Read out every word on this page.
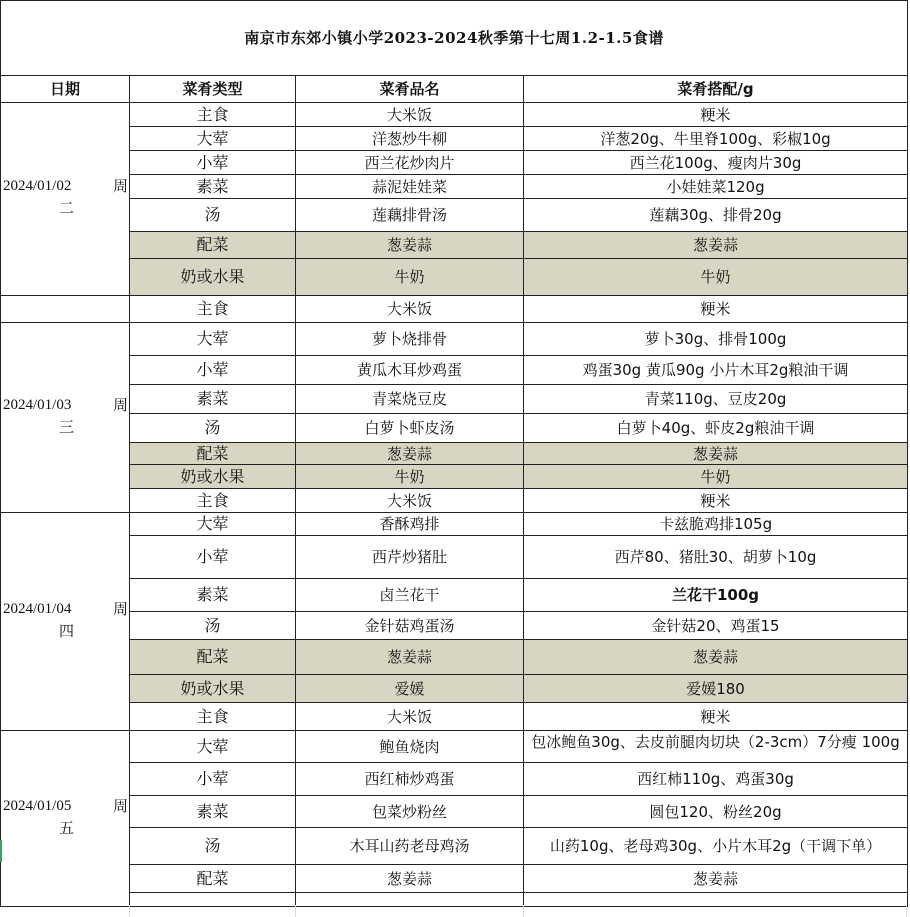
南京市东郊小镇小学2023-2024秋季第十七周1.2-1.5食谱			
日期	菜肴类型	菜肴品名	菜肴搭配/g

2024/01/02 周
二	主食	大米饭	粳米
	大荤	洋葱炒牛柳	洋葱20g、牛里脊100g、彩椒10g
	小荤	西兰花炒肉片	西兰花100g、瘦肉片30g
	素菜	蒜泥娃娃菜	小娃娃菜120g
	汤	莲藕排骨汤	莲藕30g、排骨20g
	配菜	葱姜蒜	葱姜蒜
	奶或水果	牛奶	牛奶
	主食	大米饭	粳米

2024/01/03 周
三	大荤	萝卜烧排骨	萝卜30g、排骨100g
	小荤	黄瓜木耳炒鸡蛋	鸡蛋30g 黄瓜90g 小片木耳2g粮油干调
	素菜	青菜烧豆皮	青菜110g、豆皮20g
	汤	白萝卜虾皮汤	白萝卜40g、虾皮2g粮油干调
	配菜	葱姜蒜	葱姜蒜
	奶或水果	牛奶	牛奶
	主食	大米饭	粳米

2024/01/04 周
四	大荤	香酥鸡排	卡兹脆鸡排105g
	小荤	西芹炒猪肚	西芹80、猪肚30、胡萝卜10g
	素菜	卤兰花干	兰花干100g
	汤	金针菇鸡蛋汤	金针菇20、鸡蛋15
	配菜	葱姜蒜	葱姜蒜
	奶或水果	爱媛	爱媛180
	主食	大米饭	粳米

2024/01/05 周
五	大荤	鲍鱼烧肉	包冰鲍鱼30g、去皮前腿肉切块（2-3cm）7分瘦 100g

	小荤	西红柿炒鸡蛋	西红柿110g、鸡蛋30g
	素菜	包菜炒粉丝	圆包120、粉丝20g
	汤	木耳山药老母鸡汤	山药10g、老母鸡30g、小片木耳2g（干调下单）
	配菜	葱姜蒜	葱姜蒜
